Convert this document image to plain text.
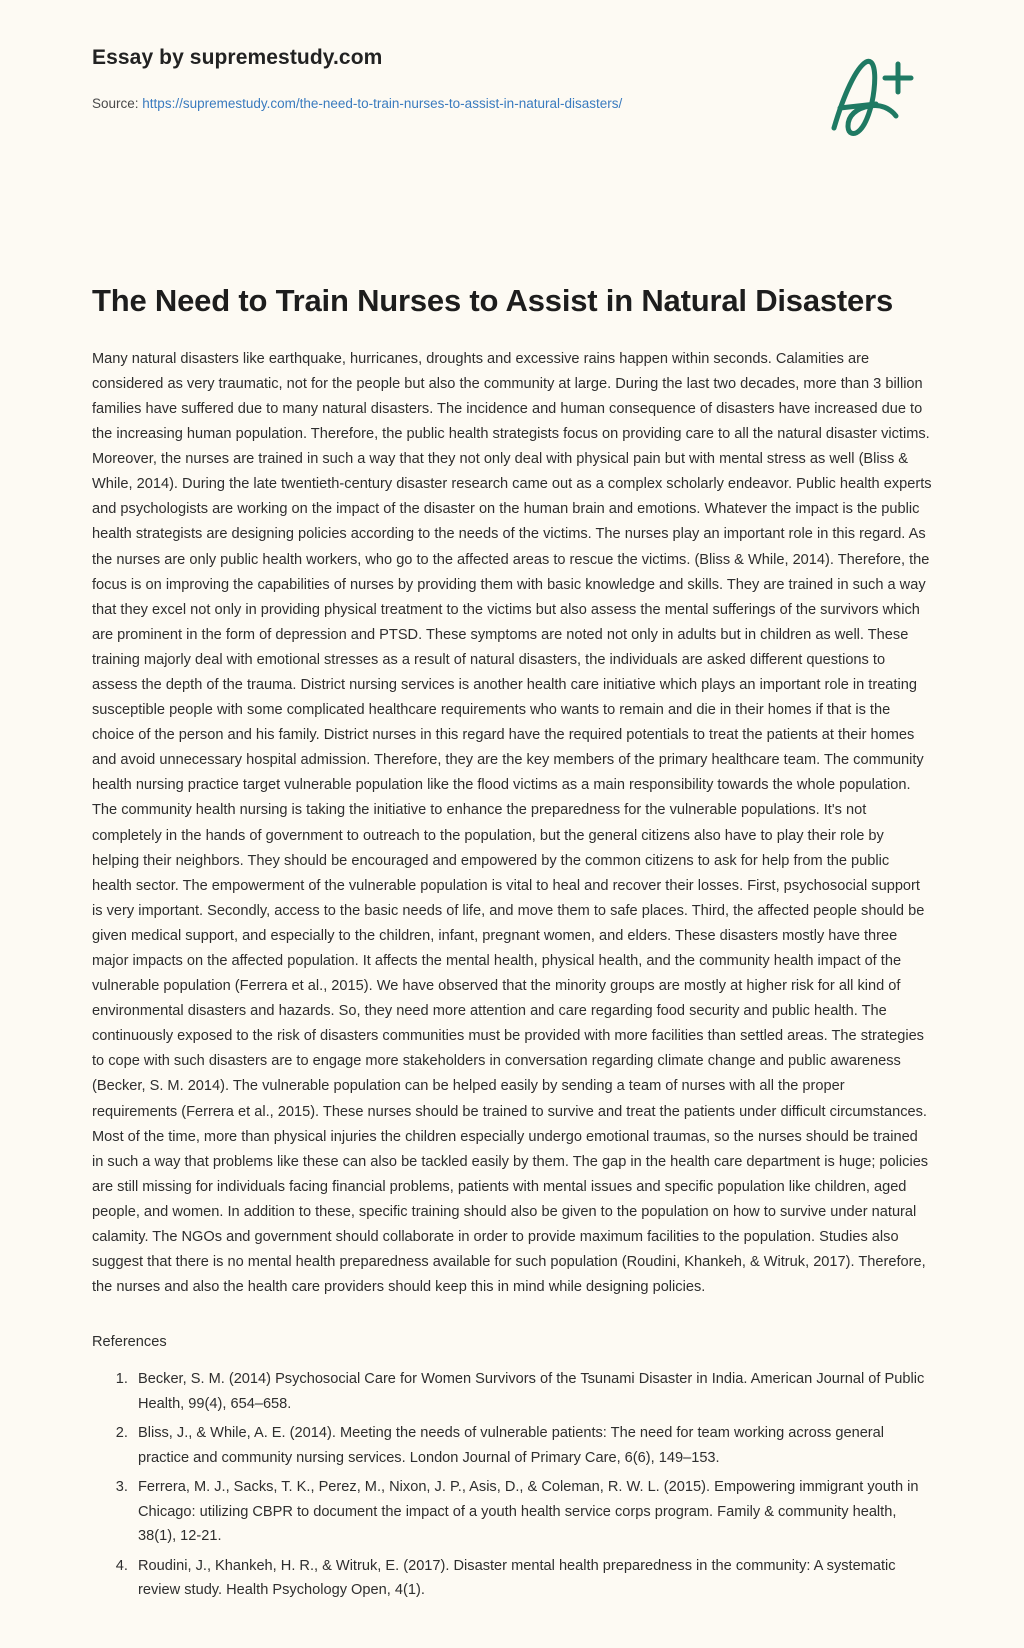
Essay by supremestudy.com
Source: https://supremestudy.com/the-need-to-train-nurses-to-assist-in-natural-disasters/
The Need to Train Nurses to Assist in Natural Disasters

Many natural disasters like earthquake, hurricanes, droughts and excessive rains happen within seconds. Calamities are considered as very traumatic, not for the people but also the community at large. During the last two decades, more than 3 billion families have suffered due to many natural disasters. The incidence and human consequence of disasters have increased due to the increasing human population. Therefore, the public health strategists focus on providing care to all the natural disaster victims. Moreover, the nurses are trained in such a way that they not only deal with physical pain but with mental stress as well (Bliss & While, 2014). During the late twentieth-century disaster research came out as a complex scholarly endeavor. Public health experts and psychologists are working on the impact of the disaster on the human brain and emotions. Whatever the impact is the public health strategists are designing policies according to the needs of the victims. The nurses play an important role in this regard. As the nurses are only public health workers, who go to the affected areas to rescue the victims. (Bliss & While, 2014). Therefore, the focus is on improving the capabilities of nurses by providing them with basic knowledge and skills. They are trained in such a way that they excel not only in providing physical treatment to the victims but also assess the mental sufferings of the survivors which are prominent in the form of depression and PTSD. These symptoms are noted not only in adults but in children as well. These training majorly deal with emotional stresses as a result of natural disasters, the individuals are asked different questions to assess the depth of the trauma. District nursing services is another health care initiative which plays an important role in treating susceptible people with some complicated healthcare requirements who wants to remain and die in their homes if that is the choice of the person and his family. District nurses in this regard have the required potentials to treat the patients at their homes and avoid unnecessary hospital admission. Therefore, they are the key members of the primary healthcare team. The community health nursing practice target vulnerable population like the flood victims as a main responsibility towards the whole population. The community health nursing is taking the initiative to enhance the preparedness for the vulnerable populations. It's not completely in the hands of government to outreach to the population, but the general citizens also have to play their role by helping their neighbors. They should be encouraged and empowered by the common citizens to ask for help from the public health sector. The empowerment of the vulnerable population is vital to heal and recover their losses. First, psychosocial support is very important. Secondly, access to the basic needs of life, and move them to safe places. Third, the affected people should be given medical support, and especially to the children, infant, pregnant women, and elders. These disasters mostly have three major impacts on the affected population. It affects the mental health, physical health, and the community health impact of the vulnerable population (Ferrera et al., 2015). We have observed that the minority groups are mostly at higher risk for all kind of environmental disasters and hazards. So, they need more attention and care regarding food security and public health. The continuously exposed to the risk of disasters communities must be provided with more facilities than settled areas. The strategies to cope with such disasters are to engage more stakeholders in conversation regarding climate change and public awareness (Becker, S. M. 2014). The vulnerable population can be helped easily by sending a team of nurses with all the proper requirements (Ferrera et al., 2015). These nurses should be trained to survive and treat the patients under difficult circumstances. Most of the time, more than physical injuries the children especially undergo emotional traumas, so the nurses should be trained in such a way that problems like these can also be tackled easily by them. The gap in the health care department is huge; policies are still missing for individuals facing financial problems, patients with mental issues and specific population like children, aged people, and women. In addition to these, specific training should also be given to the population on how to survive under natural calamity. The NGOs and government should collaborate in order to provide maximum facilities to the population. Studies also suggest that there is no mental health preparedness available for such population (Roudini, Khankeh, & Witruk, 2017). Therefore, the nurses and also the health care providers should keep this in mind while designing policies.

References
1. Becker, S. M. (2014) Psychosocial Care for Women Survivors of the Tsunami Disaster in India. American Journal of Public Health, 99(4), 654–658.
2. Bliss, J., & While, A. E. (2014). Meeting the needs of vulnerable patients: The need for team working across general practice and community nursing services. London Journal of Primary Care, 6(6), 149–153.
3. Ferrera, M. J., Sacks, T. K., Perez, M., Nixon, J. P., Asis, D., & Coleman, R. W. L. (2015). Empowering immigrant youth in Chicago: utilizing CBPR to document the impact of a youth health service corps program. Family & community health, 38(1), 12-21.
4. Roudini, J., Khankeh, H. R., & Witruk, E. (2017). Disaster mental health preparedness in the community: A systematic review study. Health Psychology Open, 4(1).
